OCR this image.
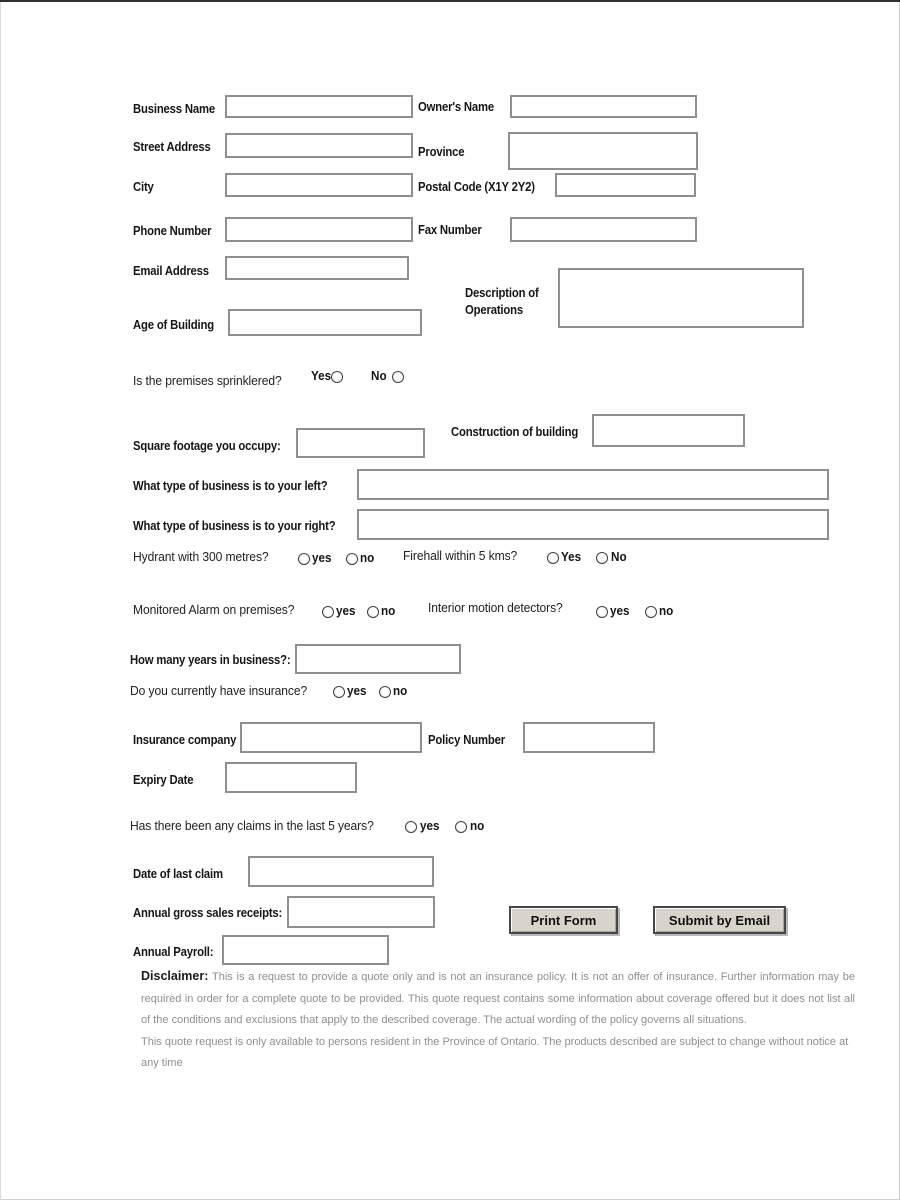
Business Name	Owner's Name
Street Address	Province
City	Postal Code (X1Y 2Y2)
Phone Number	Fax Number
Email Address
Description of
Operations
Age of Building
Is the premises sprinklered? Yes	No
Square footage you occupy:
Construction of building
What type of business is to your left?
What type of business is to your right?
Hydrant with 300 metres?	yes no Firehall within 5 kms?	Yes No
Monitored Alarm on premises?	yes no	Interior motion detectors?	yes no
How many years in business?:
Do you currently have insurance?	yes no
Insurance company	Policy Number
Expiry Date
Has there been any claims in the last 5 years?	yes no
Date of last claim
Annual gross sales receipts:	Print Form	Submit by Email
Annual Payroll:

Disclaimer: This is a request to provide a quote only and is not an insurance policy. It is not an offer of insurance. Further information may be required in order for a complete quote to be provided. This quote request contains some information about coverage offered but it does not list all of the conditions and exclusions that apply to the described coverage. The actual wording of the policy governs all situations.

This quote request is only available to persons resident in the Province of Ontario. The products described are subject to change without notice at any time
